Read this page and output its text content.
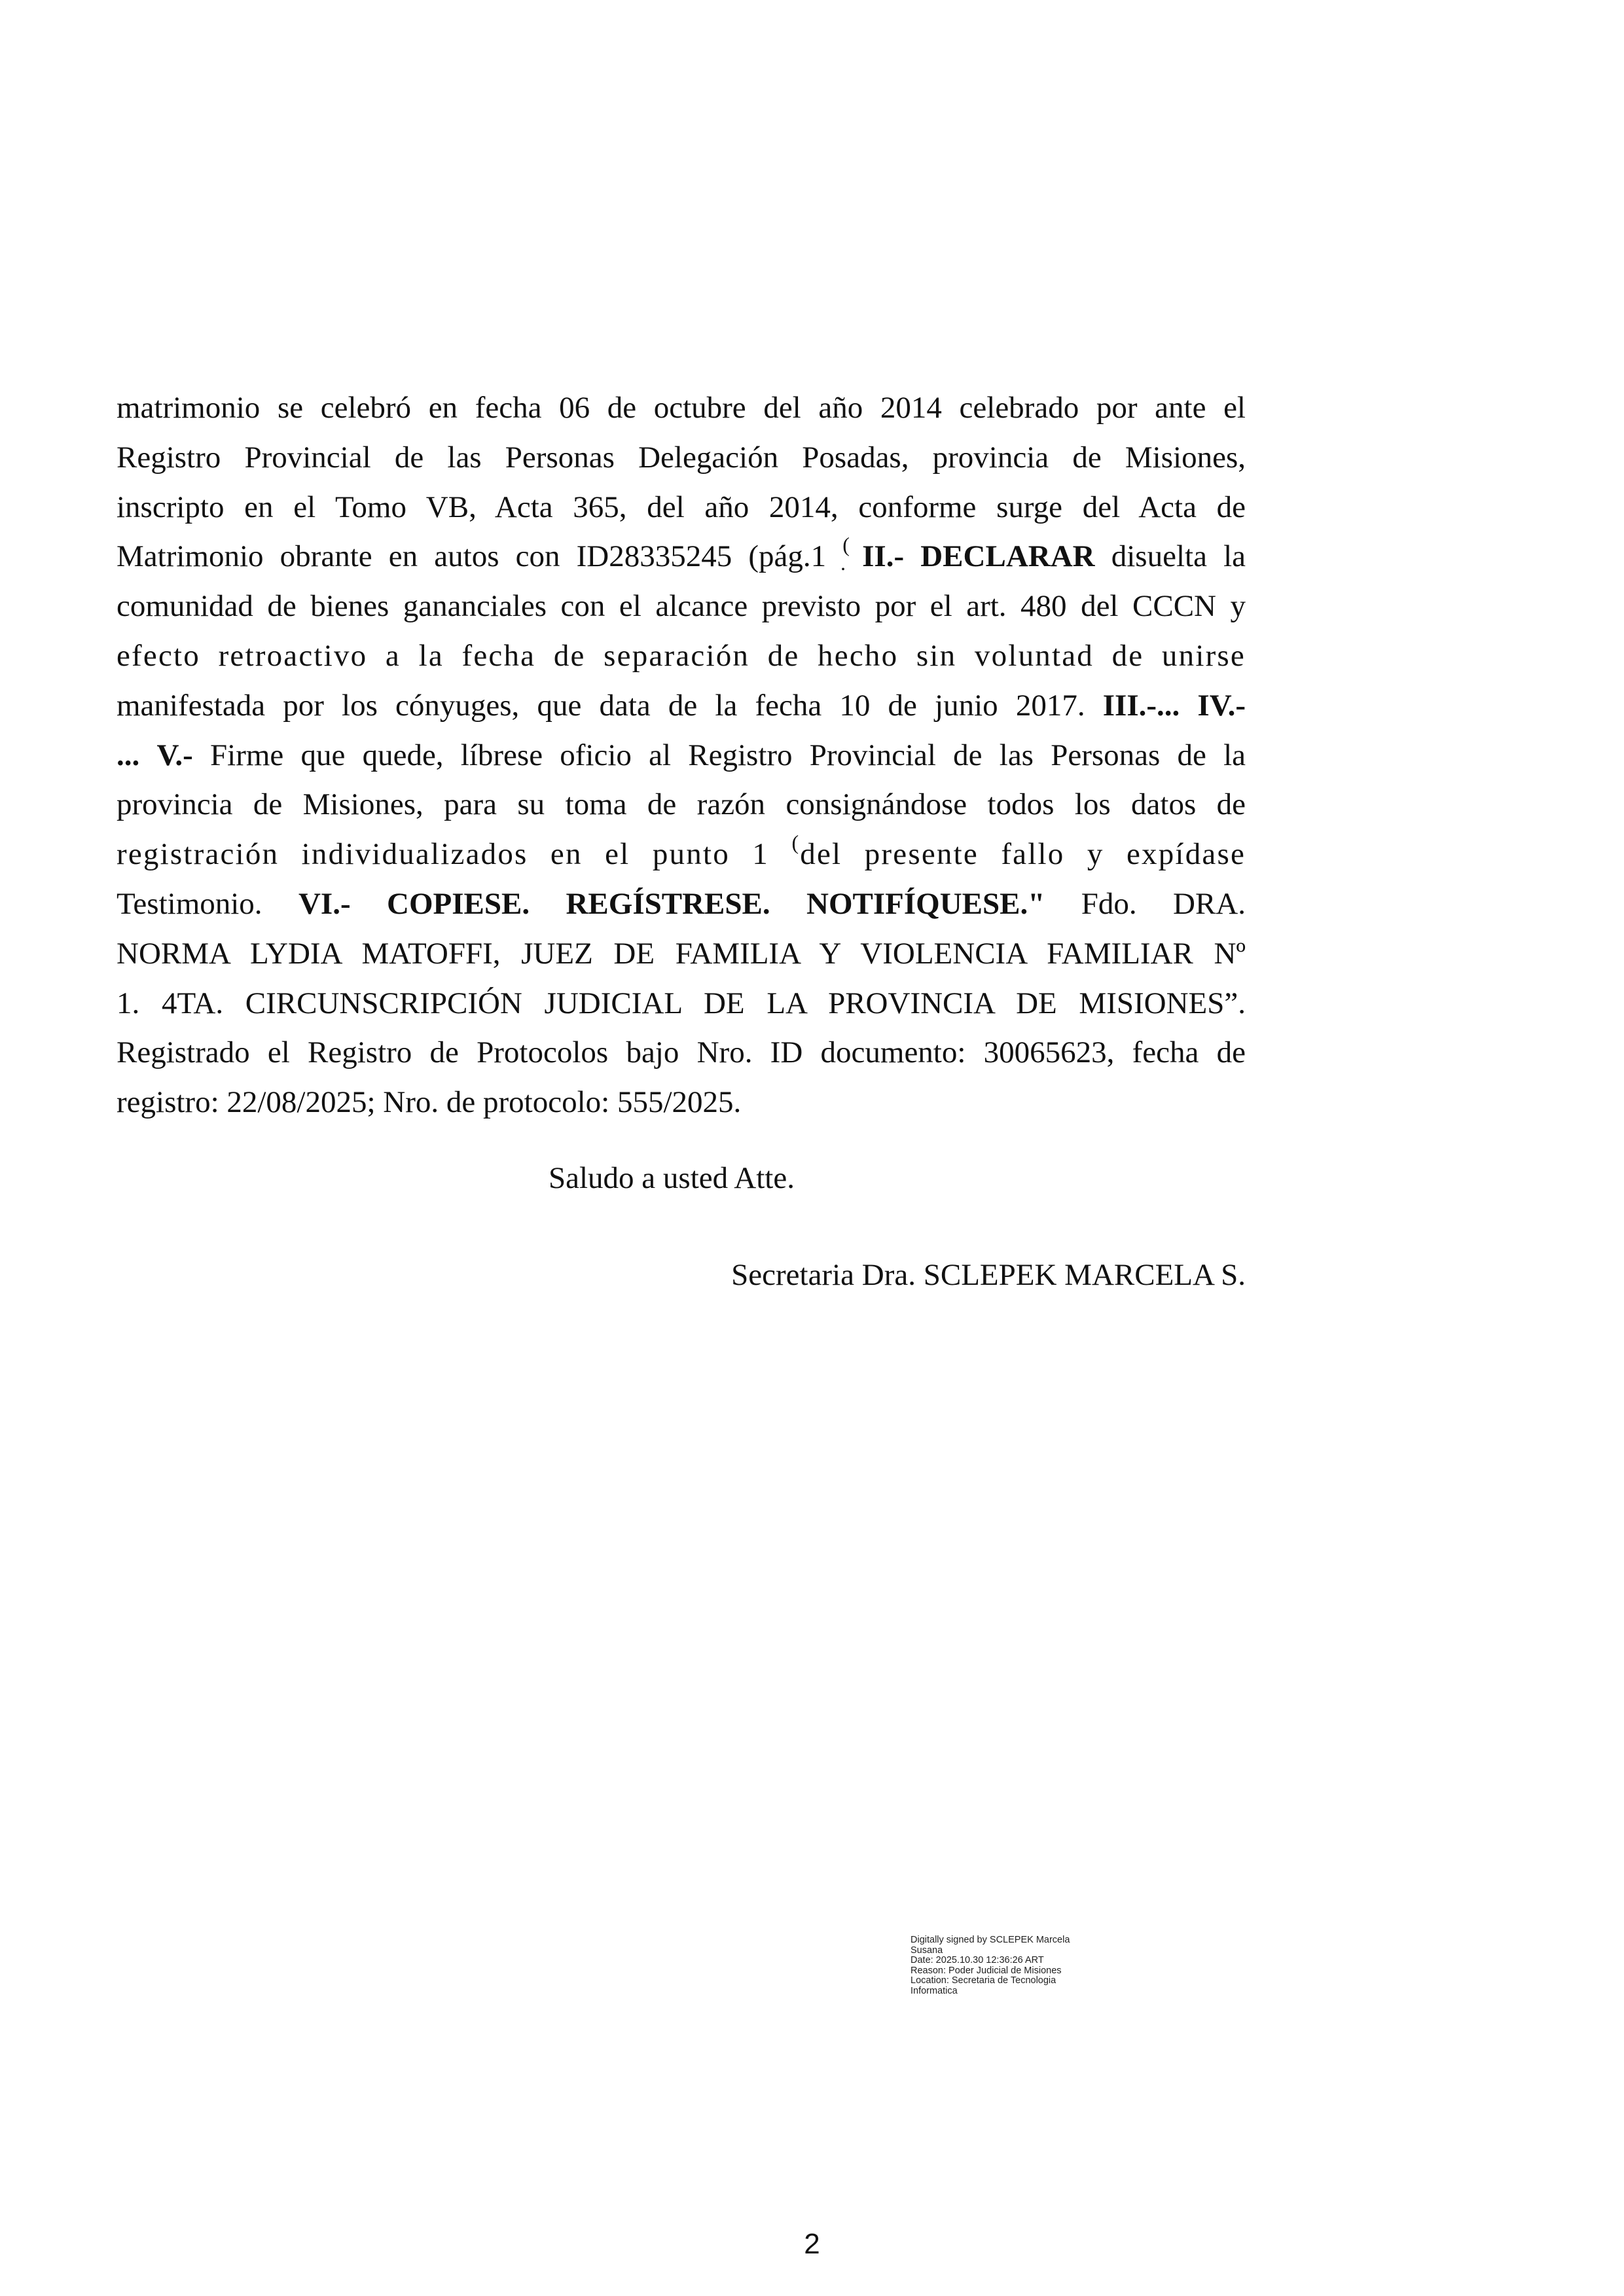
matrimonio se celebró en fecha 06 de octubre del año 2014 celebrado por ante el
Registro Provincial de las Personas Delegación Posadas, provincia de Misiones,
inscripto en el Tomo VB, Acta 365, del año 2014, conforme surge del Acta de
Matrimonio obrante en autos con ID28335245 (pág.1 (. II.- DECLARAR disuelta la
comunidad de bienes gananciales con el alcance previsto por el art. 480 del CCCN y
efecto retroactivo a la fecha de separación de hecho sin voluntad de unirse
manifestada por los cónyuges, que data de la fecha 10 de junio 2017. III.-... IV.-
... V.- Firme que quede, líbrese oficio al Registro Provincial de las Personas de la
provincia de Misiones, para su toma de razón consignándose todos los datos de
registración individualizados en el punto 1 (del presente fallo y expídase
Testimonio. VI.- COPIESE. REGÍSTRESE. NOTIFÍQUESE." Fdo. DRA.
NORMA LYDIA MATOFFI, JUEZ DE FAMILIA Y VIOLENCIA FAMILIAR Nº
1. 4TA. CIRCUNSCRIPCIÓN JUDICIAL DE LA PROVINCIA DE MISIONES”.
Registrado el Registro de Protocolos bajo Nro. ID documento: 30065623, fecha de
registro: 22/08/2025; Nro. de protocolo: 555/2025.
Saludo a usted Atte.
Secretaria Dra. SCLEPEK MARCELA S.
Digitally signed by SCLEPEK Marcela
Susana
Date: 2025.10.30 12:36:26 ART
Reason: Poder Judicial de Misiones
Location: Secretaria de Tecnologia
Informatica
2
